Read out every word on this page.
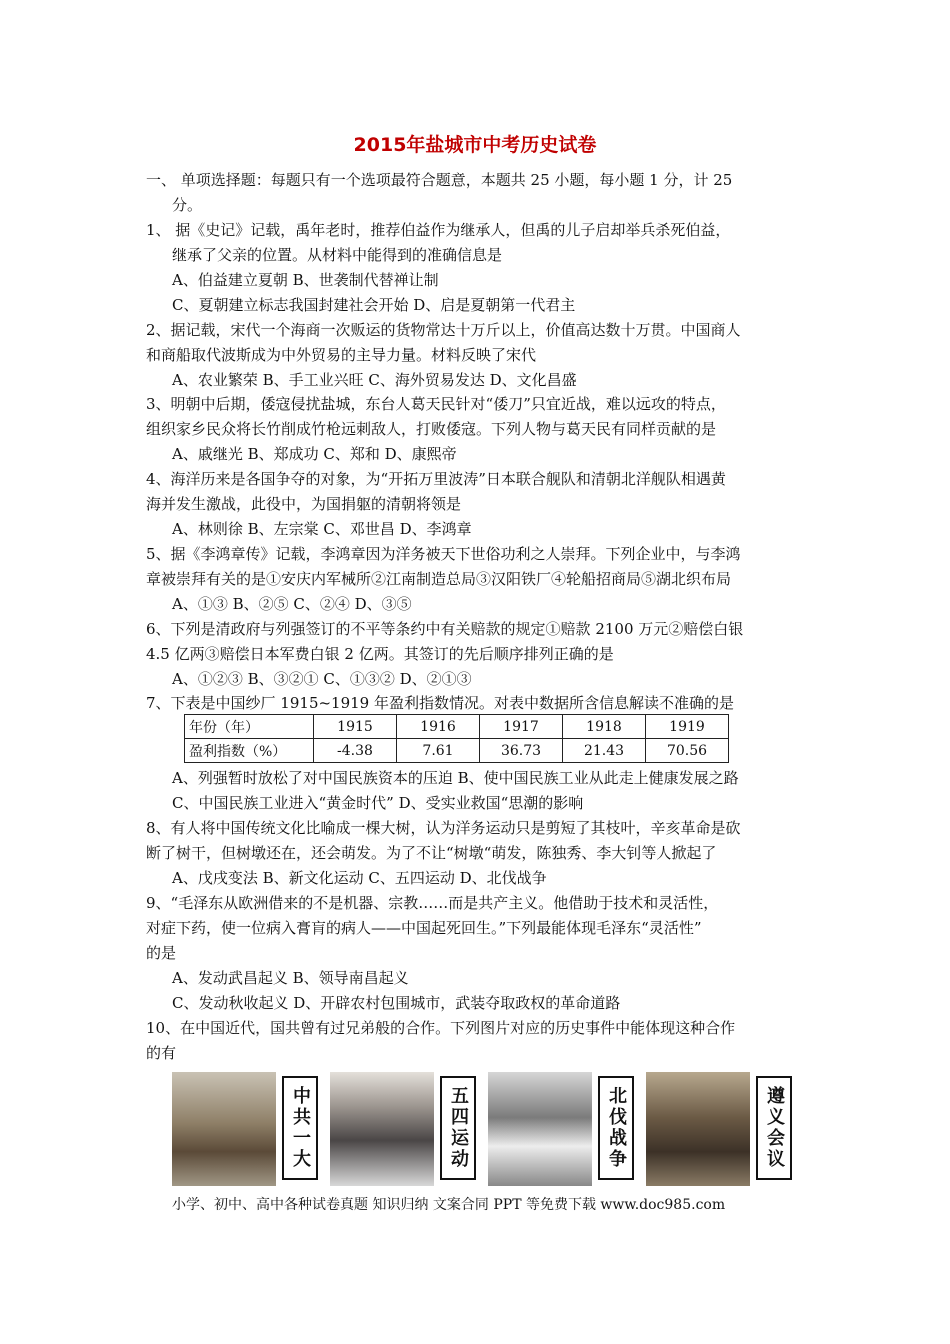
2015年盐城市中考历史试卷
一、 单项选择题：每题只有一个选项最符合题意，本题共 25 小题，每小题 1 分，计 25
分。
1、 据《史记》记载，禹年老时，推荐伯益作为继承人，但禹的儿子启却举兵杀死伯益，
继承了父亲的位置。从材料中能得到的准确信息是
A、伯益建立夏朝 B、世袭制代替禅让制
C、夏朝建立标志我国封建社会开始 D、启是夏朝第一代君主
2、据记载，宋代一个海商一次贩运的货物常达十万斤以上，价值高达数十万贯。中国商人
和商船取代波斯成为中外贸易的主导力量。材料反映了宋代
A、农业繁荣 B、手工业兴旺 C、海外贸易发达 D、文化昌盛
3、明朝中后期，倭寇侵扰盐城，东台人葛天民针对“倭刀”只宜近战，难以远攻的特点，
组织家乡民众将长竹削成竹枪远刺敌人，打败倭寇。下列人物与葛天民有同样贡献的是
A、戚继光 B、郑成功 C、郑和 D、康熙帝
4、海洋历来是各国争夺的对象，为“开拓万里波涛”日本联合舰队和清朝北洋舰队相遇黄
海并发生激战，此役中，为国捐躯的清朝将领是
A、林则徐 B、左宗棠 C、邓世昌 D、李鸿章
5、据《李鸿章传》记载，李鸿章因为洋务被天下世俗功利之人崇拜。下列企业中，与李鸿
章被崇拜有关的是①安庆内军械所②江南制造总局③汉阳铁厂④轮船招商局⑤湖北织布局
A、①③ B、②⑤ C、②④ D、③⑤
6、下列是清政府与列强签订的不平等条约中有关赔款的规定①赔款 2100 万元②赔偿白银
4.5 亿两③赔偿日本军费白银 2 亿两。其签订的先后顺序排列正确的是
A、①②③ B、③②① C、①③② D、②①③
7、下表是中国纱厂 1915~1919 年盈利指数情况。对表中数据所含信息解读不准确的是
年份（年）	1915	1916	1917	1918	1919
盈利指数（%）	-4.38	7.61	36.73	21.43	70.56
A、列强暂时放松了对中国民族资本的压迫 B、使中国民族工业从此走上健康发展之路
C、中国民族工业进入“黄金时代” D、受实业救国“思潮的影响
8、有人将中国传统文化比喻成一棵大树，认为洋务运动只是剪短了其枝叶，辛亥革命是砍
断了树干，但树墩还在，还会萌发。为了不让“树墩“萌发，陈独秀、李大钊等人掀起了
A、戊戌变法 B、新文化运动 C、五四运动 D、北伐战争
9、“毛泽东从欧洲借来的不是机器、宗教……而是共产主义。他借助于技术和灵活性，
对症下药，使一位病入膏肓的病人——中国起死回生。”下列最能体现毛泽东“灵活性”
的是
A、发动武昌起义 B、领导南昌起义
C、发动秋收起义 D、开辟农村包围城市，武装夺取政权的革命道路
10、在中国近代，国共曾有过兄弟般的合作。下列图片对应的历史事件中能体现这种合作
的有
中共一大	五四运动	北伐战争	遵义会议
小学、初中、高中各种试卷真题 知识归纳 文案合同 PPT 等免费下载 www.doc985.com
